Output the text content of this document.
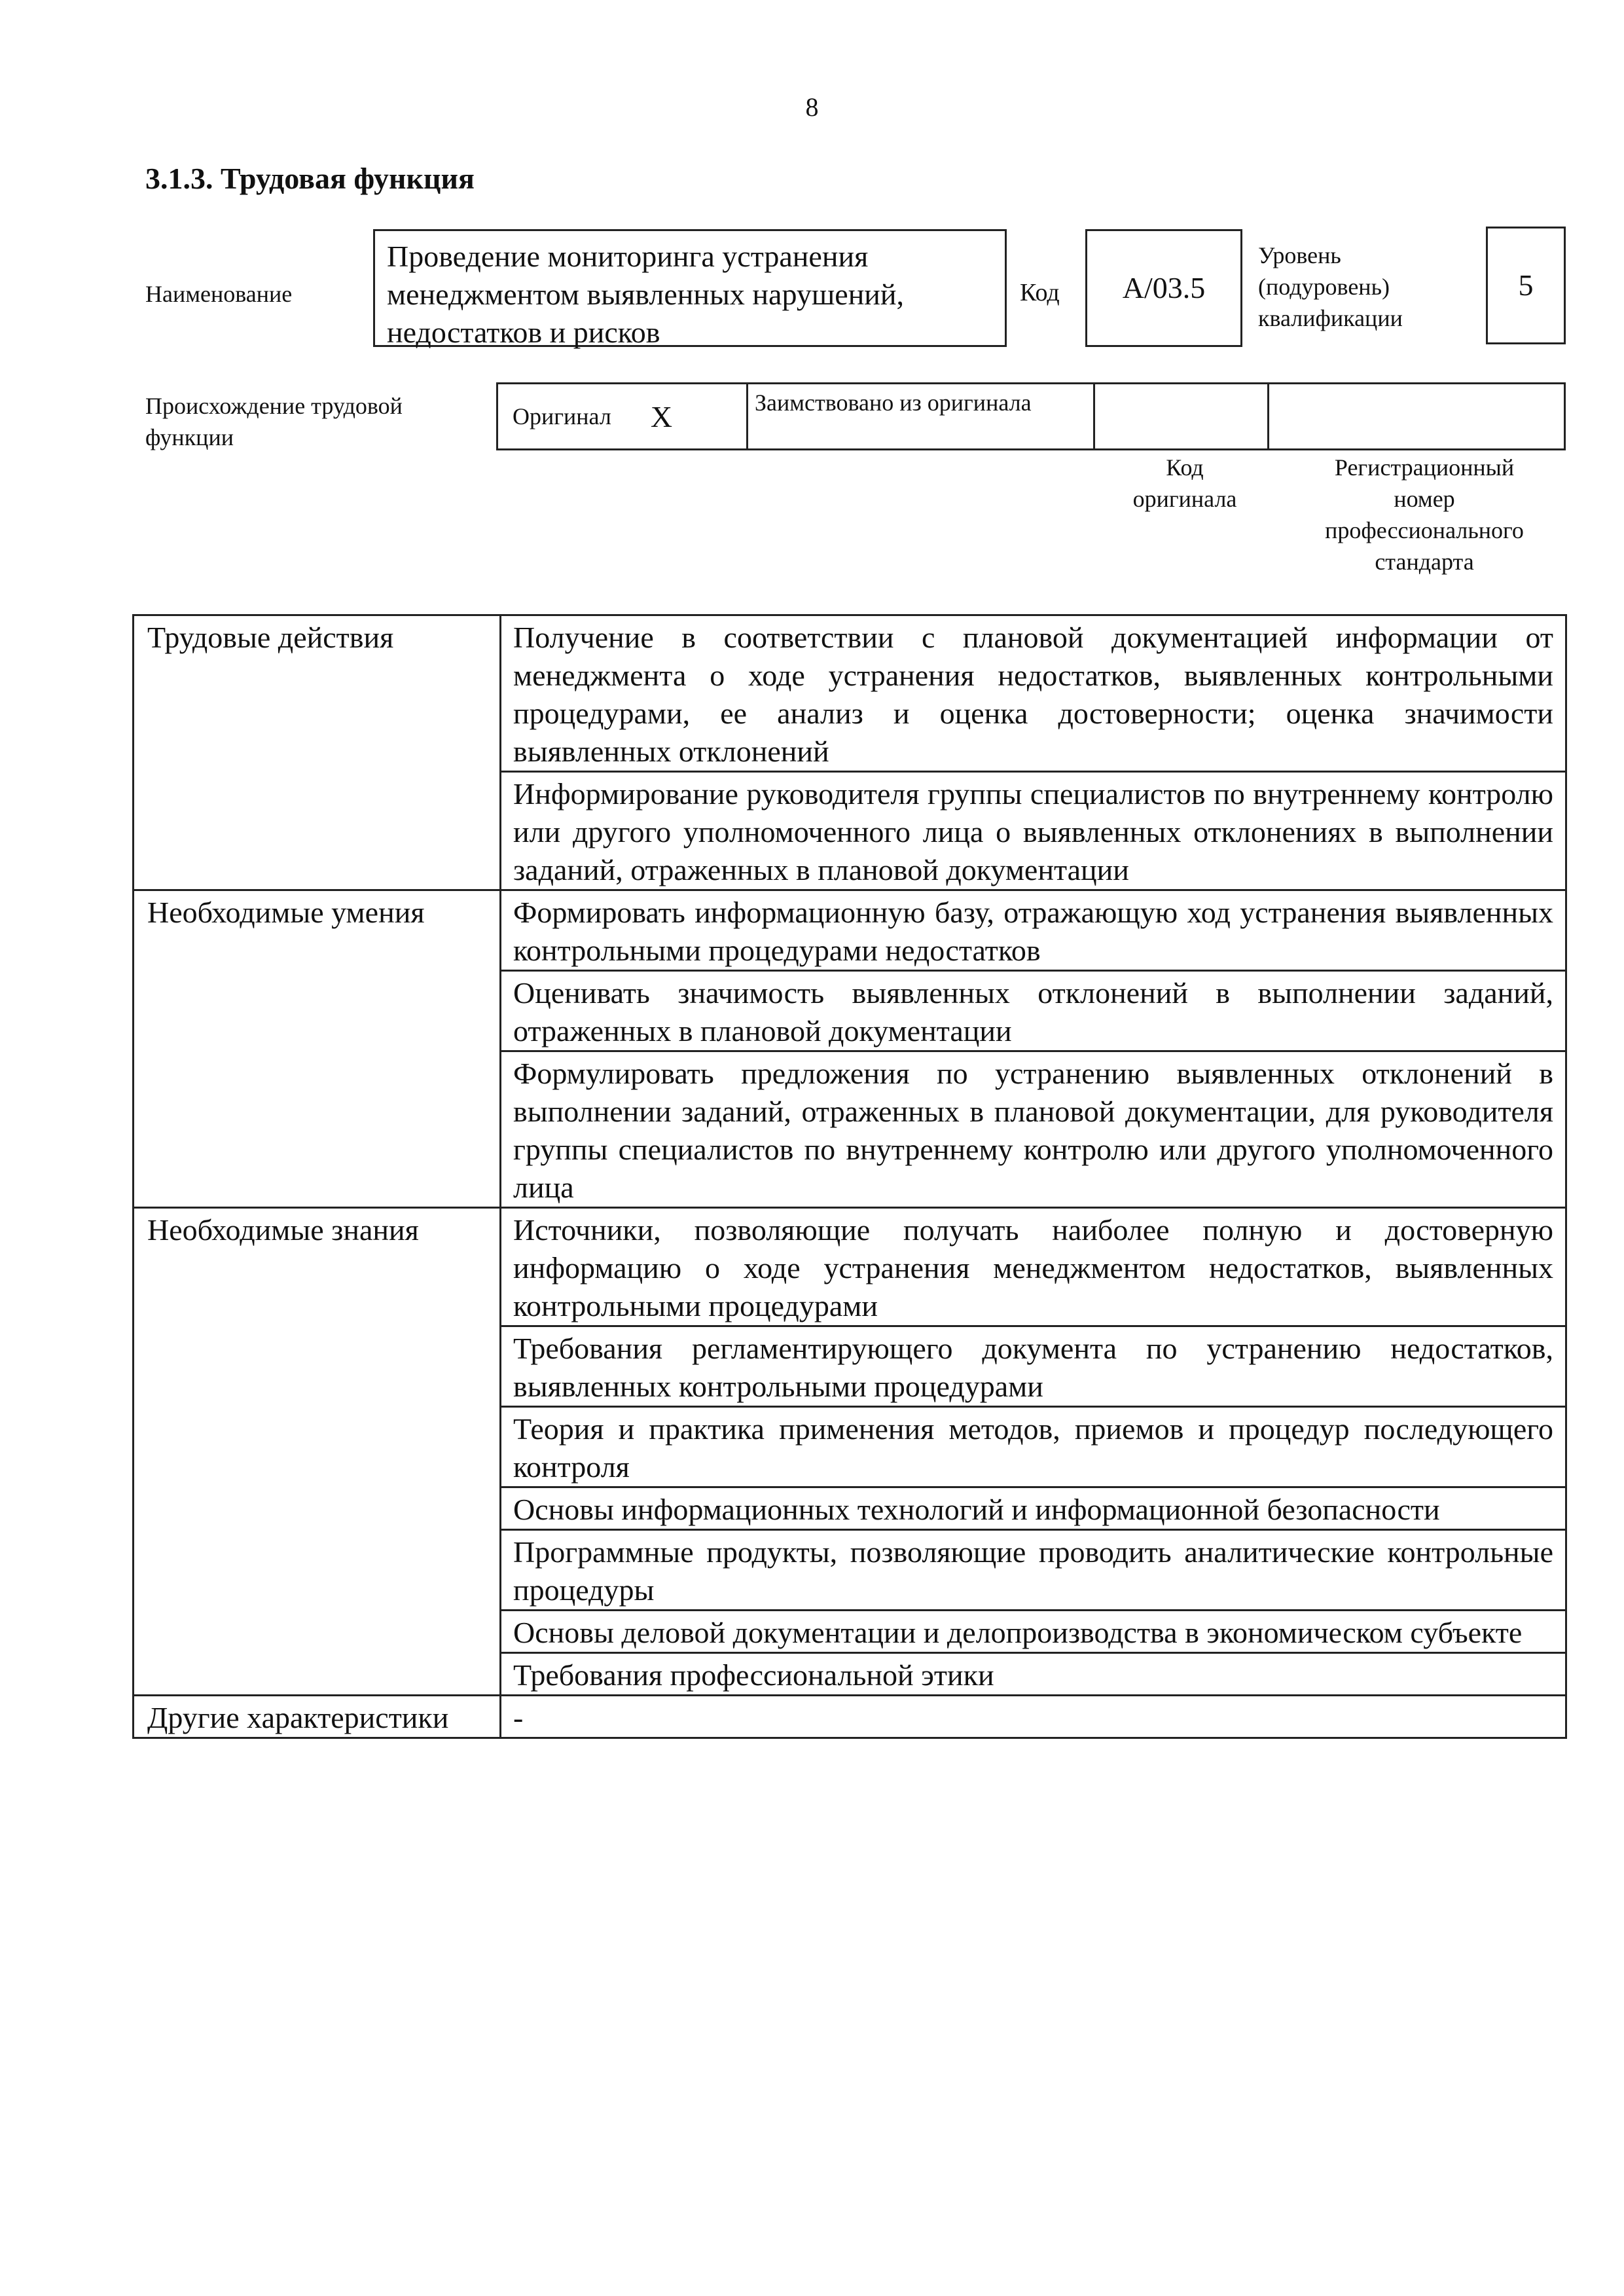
8
3.1.3. Трудовая функция
Наименование
Проведение мониторинга устранения менеджментом выявленных нарушений, недостатков и рисков
Код	А/03.5
Уровень (подуровень) квалификации
5
Происхождение трудовой функции
Оригинал X	Заимствовано из оригинала
Код оригинала
Регистрационный номер профессионального стандарта
Трудовые действия	Получение в соответствии с плановой документацией информации от менеджмента о ходе устранения недостатков, выявленных контрольными процедурами, ее анализ и оценка достоверности; оценка значимости выявленных отклонений
	Информирование руководителя группы специалистов по внутреннему контролю или другого уполномоченного лица о выявленных отклонениях в выполнении заданий, отраженных в плановой документации
Необходимые умения	Формировать информационную базу, отражающую ход устранения выявленных контрольными процедурами недостатков
	Оценивать значимость выявленных отклонений в выполнении заданий, отраженных в плановой документации
	Формулировать предложения по устранению выявленных отклонений в выполнении заданий, отраженных в плановой документации, для руководителя группы специалистов по внутреннему контролю или другого уполномоченного лица
Необходимые знания	Источники, позволяющие получать наиболее полную и достоверную информацию о ходе устранения менеджментом недостатков, выявленных контрольными процедурами
	Требования регламентирующего документа по устранению недостатков, выявленных контрольными процедурами
	Теория и практика применения методов, приемов и процедур последующего контроля
	Основы информационных технологий и информационной безопасности
	Программные продукты, позволяющие проводить аналитические контрольные процедуры
	Основы деловой документации и делопроизводства в экономическом субъекте
	Требования профессиональной этики
Другие характеристики	-
